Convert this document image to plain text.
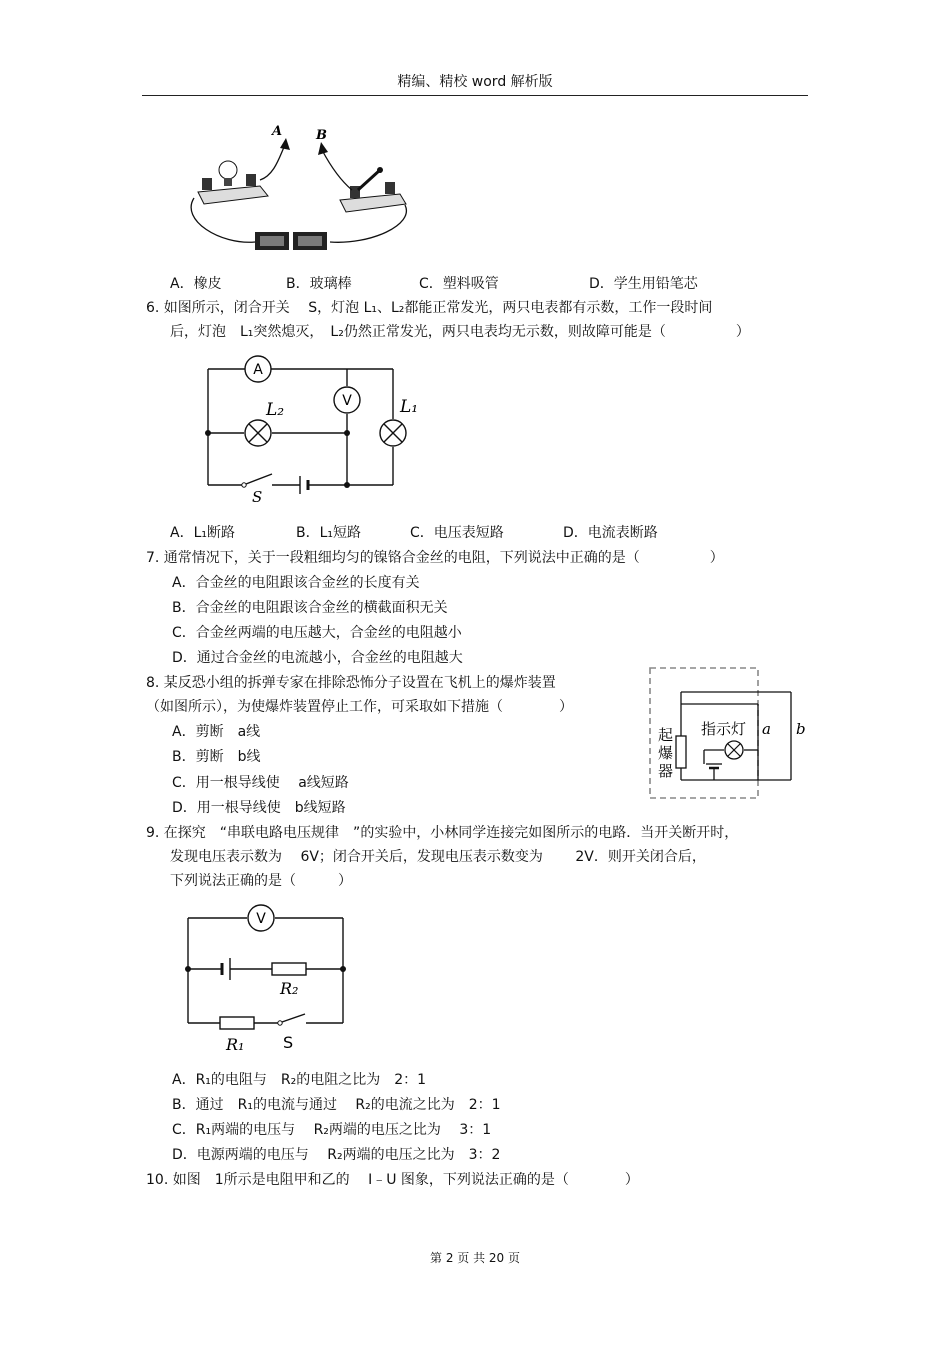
精编、精校 word 解析版
A	B
A．橡皮	B．玻璃棒	C．塑料吸管	D．学生用铅笔芯
6. 如图所示，闭合开关　 S，灯泡 L₁、L₂都能正常发光，两只电表都有示数，工作一段时间
后，灯泡　L₁突然熄灭，　L₂仍然正常发光，两只电表均无示数，则故障可能是（　　　　　）
A
V
L₂	L₁
S
A．L₁断路	B．L₁短路	C．电压表短路	D．电流表断路
7. 通常情况下，关于一段粗细均匀的镍铬合金丝的电阻，下列说法中正确的是（　　　　　）
A．合金丝的电阻跟该合金丝的长度有关
B．合金丝的电阻跟该合金丝的横截面积无关
C．合金丝两端的电压越大，合金丝的电阻越小
D．通过合金丝的电流越小，合金丝的电阻越大
8. 某反恐小组的拆弹专家在排除恐怖分子设置在飞机上的爆炸装置
（如图所示），为使爆炸装置停止工作，可采取如下措施（　　　　）
A．剪断　a线
B．剪断　b线
C．用一根导线使　 a线短路
D．用一根导线使　b线短路
指示灯 a b
起
爆
器
9. 在探究　“串联电路电压规律　”的实验中，小林同学连接完如图所示的电路．当开关断开时，
发现电压表示数为　 6V；闭合开关后，发现电压表示数变为　　 2V．则开关闭合后，
下列说法正确的是（　　　）
V
R₂
R₁ S
A．R₁的电阻与　R₂的电阻之比为　2：1
B．通过　R₁的电流与通过　 R₂的电流之比为　2：1
C．R₁两端的电压与　 R₂两端的电压之比为　 3：1
D．电源两端的电压与　 R₂两端的电压之比为　3：2
10. 如图　1所示是电阻甲和乙的　 I﹣U 图象，下列说法正确的是（　　　　）
第 2 页 共 20 页
